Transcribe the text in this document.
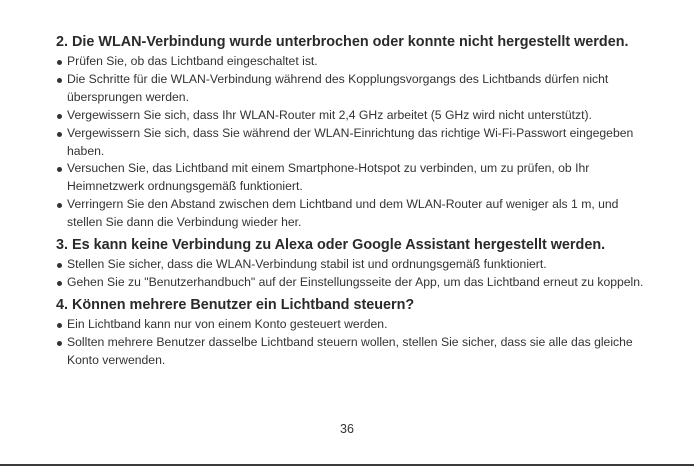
2. Die WLAN-Verbindung wurde unterbrochen oder konnte nicht hergestellt werden.
Prüfen Sie, ob das Lichtband eingeschaltet ist.
Die Schritte für die WLAN-Verbindung während des Kopplungsvorgangs des Lichtbands dürfen nicht übersprungen werden.
Vergewissern Sie sich, dass Ihr WLAN-Router mit 2,4 GHz arbeitet (5 GHz wird nicht unterstützt).
Vergewissern Sie sich, dass Sie während der WLAN-Einrichtung das richtige Wi-Fi-Passwort eingegeben haben.
Versuchen Sie, das Lichtband mit einem Smartphone-Hotspot zu verbinden, um zu prüfen, ob Ihr Heimnetzwerk ordnungsgemäß funktioniert.
Verringern Sie den Abstand zwischen dem Lichtband und dem WLAN-Router auf weniger als 1 m, und stellen Sie dann die Verbindung wieder her.
3. Es kann keine Verbindung zu Alexa oder Google Assistant hergestellt werden.
Stellen Sie sicher, dass die WLAN-Verbindung stabil ist und ordnungsgemäß funktioniert.
Gehen Sie zu "Benutzerhandbuch" auf der Einstellungsseite der App, um das Lichtband erneut zu koppeln.
4. Können mehrere Benutzer ein Lichtband steuern?
Ein Lichtband kann nur von einem Konto gesteuert werden.
Sollten mehrere Benutzer dasselbe Lichtband steuern wollen, stellen Sie sicher, dass sie alle das gleiche Konto verwenden.
36
